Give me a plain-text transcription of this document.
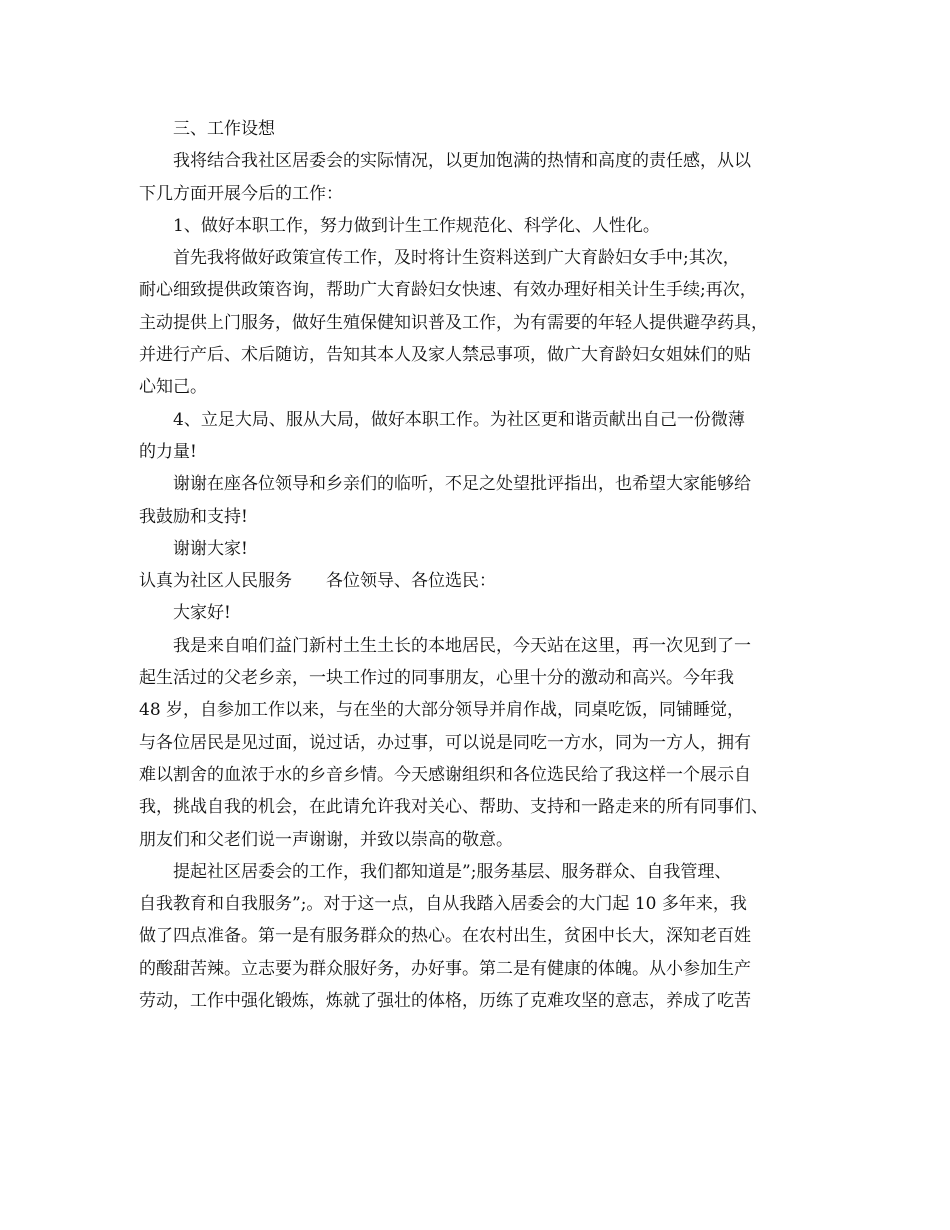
三、工作设想

我将结合我社区居委会的实际情况，以更加饱满的热情和高度的责任感，从以

下几方面开展今后的工作：

1、做好本职工作，努力做到计生工作规范化、科学化、人性化。

首先我将做好政策宣传工作，及时将计生资料送到广大育龄妇女手中;其次，

耐心细致提供政策咨询，帮助广大育龄妇女快速、有效办理好相关计生手续;再次，

主动提供上门服务，做好生殖保健知识普及工作，为有需要的年轻人提供避孕药具，

并进行产后、术后随访，告知其本人及家人禁忌事项，做广大育龄妇女姐妹们的贴

心知己。

4、立足大局、服从大局，做好本职工作。为社区更和谐贡献出自己一份微薄

的力量!

谢谢在座各位领导和乡亲们的临听，不足之处望批评指出，也希望大家能够给

我鼓励和支持!

谢谢大家!

认真为社区人民服务　　各位领导、各位选民：

大家好!

我是来自咱们益门新村土生土长的本地居民，今天站在这里，再一次见到了一

起生活过的父老乡亲，一块工作过的同事朋友，心里十分的激动和高兴。今年我

48 岁，自参加工作以来，与在坐的大部分领导并肩作战，同桌吃饭，同铺睡觉，

与各位居民是见过面，说过话，办过事，可以说是同吃一方水，同为一方人，拥有

难以割舍的血浓于水的乡音乡情。今天感谢组织和各位选民给了我这样一个展示自

我，挑战自我的机会，在此请允许我对关心、帮助、支持和一路走来的所有同事们、

朋友们和父老们说一声谢谢，并致以崇高的敬意。

提起社区居委会的工作，我们都知道是”;服务基层、服务群众、自我管理、

自我教育和自我服务”;。对于这一点，自从我踏入居委会的大门起 10 多年来，我

做了四点准备。第一是有服务群众的热心。在农村出生，贫困中长大，深知老百姓

的酸甜苦辣。立志要为群众服好务，办好事。第二是有健康的体魄。从小参加生产

劳动，工作中强化锻炼，炼就了强壮的体格，历练了克难攻坚的意志，养成了吃苦
